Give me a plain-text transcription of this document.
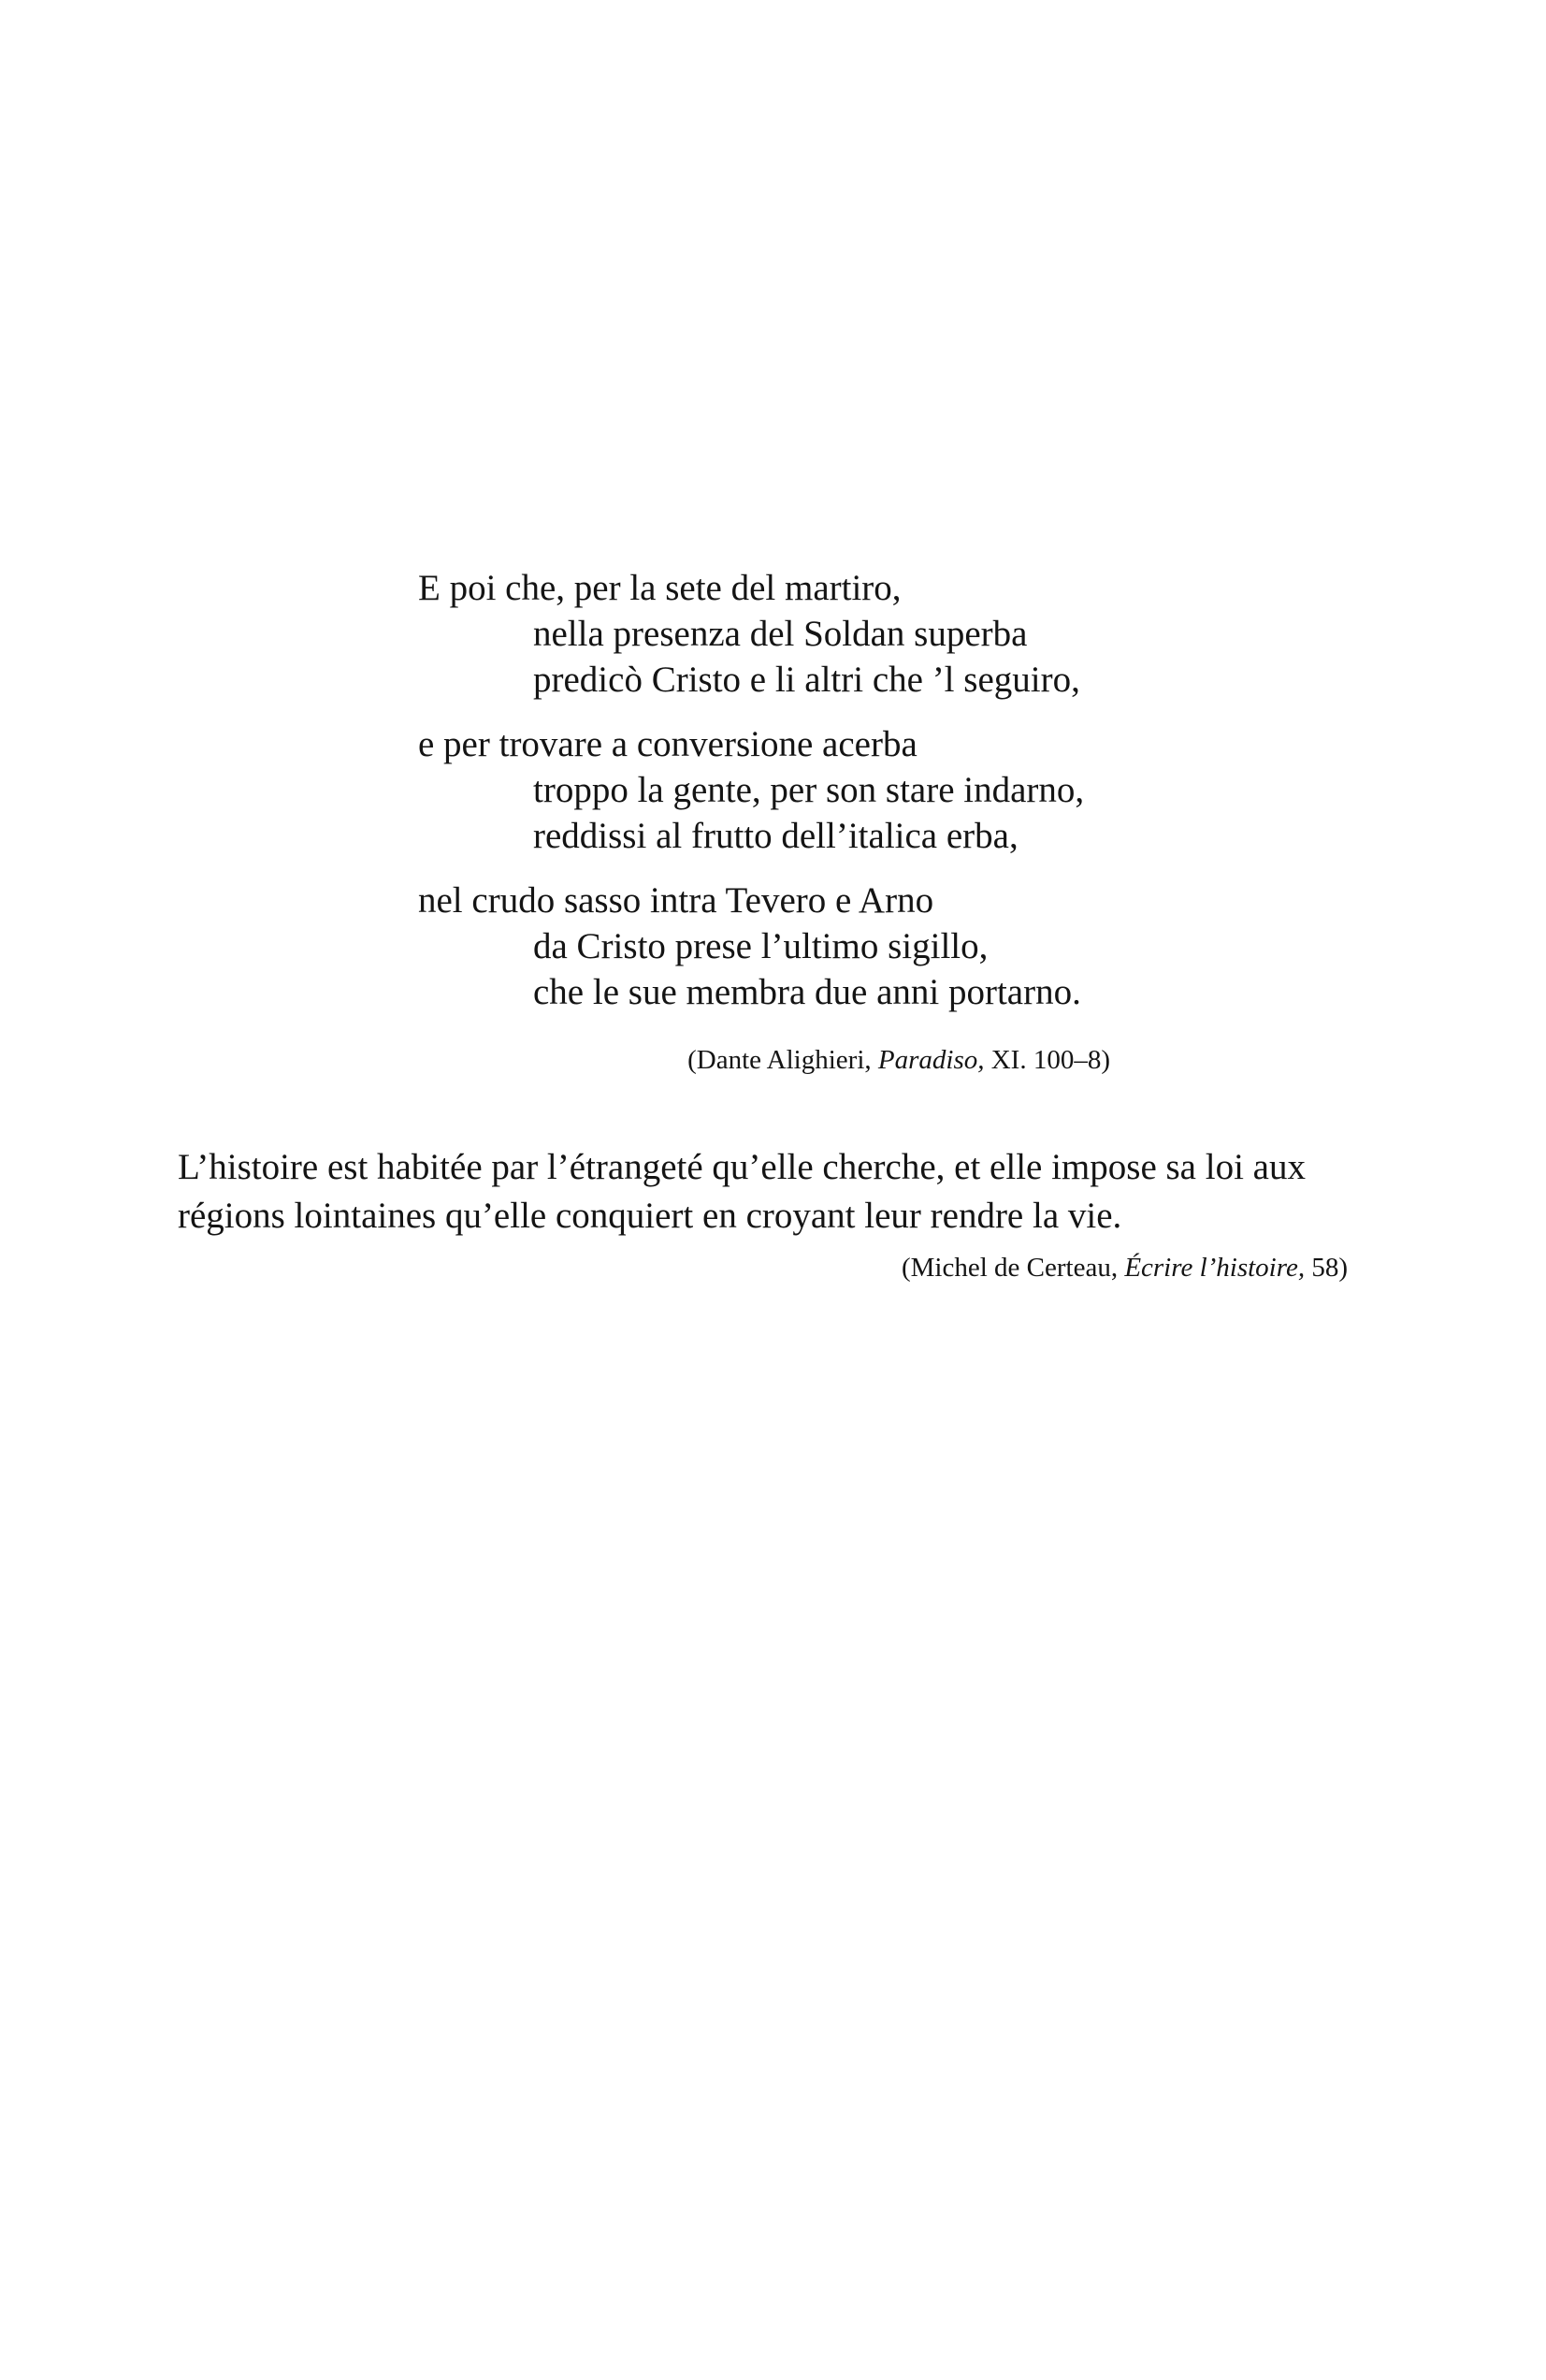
E poi che, per la sete del martiro,
nella presenza del Soldan superba
predicò Cristo e li altri che ’l seguiro,
e per trovare a conversione acerba
troppo la gente, per son stare indarno,
reddissi al frutto dell’italica erba,
nel crudo sasso intra Tevero e Arno
da Cristo prese l’ultimo sigillo,
che le sue membra due anni portarno.
(Dante Alighieri, Paradiso, XI. 100–8)
L’histoire est habitée par l’étrangeté qu’elle cherche, et elle impose sa loi aux
régions lointaines qu’elle conquiert en croyant leur rendre la vie.
(Michel de Certeau, Écrire l’histoire, 58)
